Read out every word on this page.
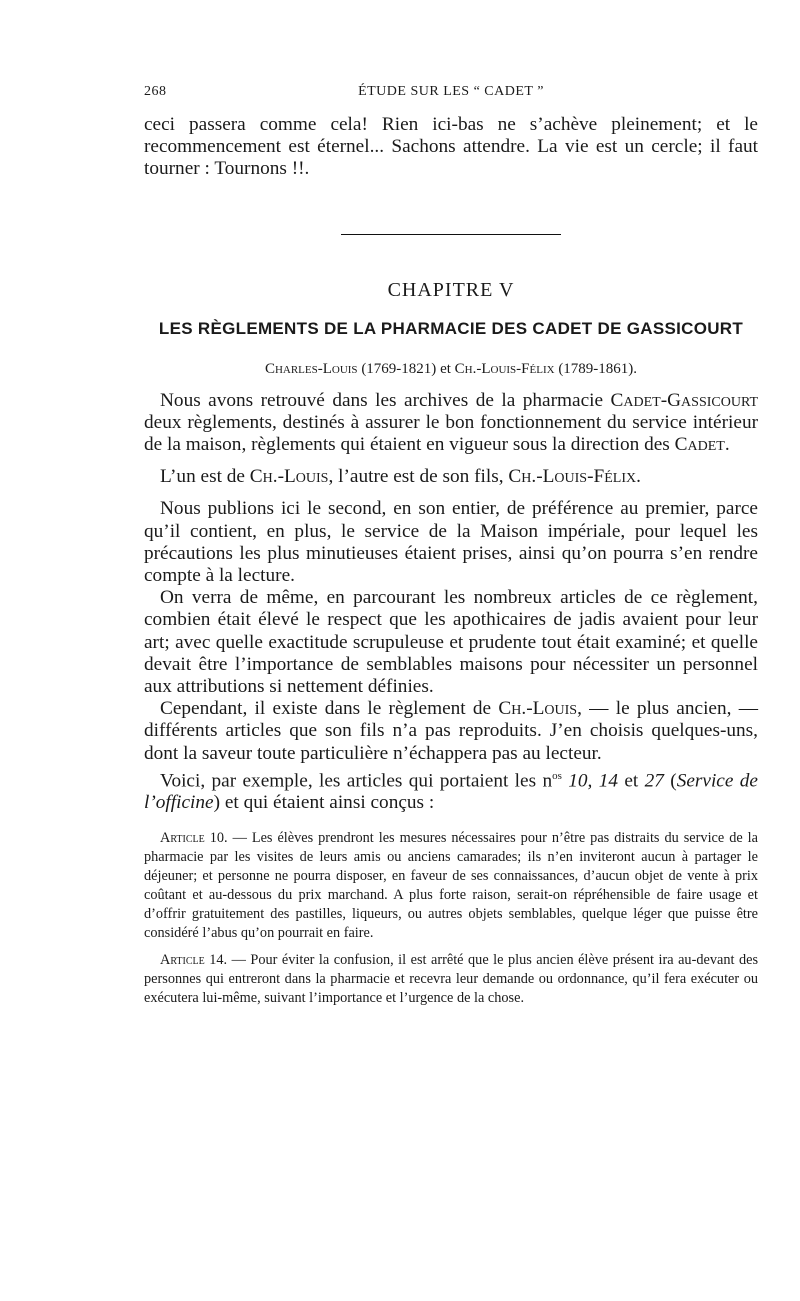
268	ÉTUDE SUR LES “ CADET ”

ceci passera comme cela! Rien ici-bas ne s’achève pleinement; et le recommencement est éternel... Sachons attendre. La vie est un cercle; il faut tourner : Tournons !!.

CHAPITRE V
LES RÈGLEMENTS DE LA PHARMACIE DES CADET DE GASSICOURT
Charles-Louis (1769-1821) et Ch.-Louis-Félix (1789-1861).

Nous avons retrouvé dans les archives de la pharmacie Cadet-Gassicourt deux règlements, destinés à assurer le bon fonctionnement du service intérieur de la maison, règlements qui étaient en vigueur sous la direction des Cadet.

L’un est de Ch.-Louis, l’autre est de son fils, Ch.-Louis-Félix.

Nous publions ici le second, en son entier, de préférence au premier, parce qu’il contient, en plus, le service de la Maison impériale, pour lequel les précautions les plus minutieuses étaient prises, ainsi qu’on pourra s’en rendre compte à la lecture.

On verra de même, en parcourant les nombreux articles de ce règlement, combien était élevé le respect que les apothicaires de jadis avaient pour leur art; avec quelle exactitude scrupuleuse et prudente tout était examiné; et quelle devait être l’importance de semblables maisons pour nécessiter un personnel aux attributions si nettement définies.

Cependant, il existe dans le règlement de Ch.-Louis, — le plus ancien, — différents articles que son fils n’a pas reproduits. J’en choisis quelques-uns, dont la saveur toute particulière n’échappera pas au lecteur.

Voici, par exemple, les articles qui portaient les $n^{os}$ 10, 14 et 27 (Service de l’officine) et qui étaient ainsi conçus :

Article 10. — Les élèves prendront les mesures nécessaires pour n’être pas distraits du service de la pharmacie par les visites de leurs amis ou anciens camarades; ils n’en inviteront aucun à partager le déjeuner; et personne ne pourra disposer, en faveur de ses connaissances, d’aucun objet de vente à prix coûtant et au-dessous du prix marchand. A plus forte raison, serait-on répréhensible de faire usage et d’offrir gratuitement des pastilles, liqueurs, ou autres objets semblables, quelque léger que puisse être considéré l’abus qu’on pourrait en faire.

Article 14. — Pour éviter la confusion, il est arrêté que le plus ancien élève présent ira au-devant des personnes qui entreront dans la pharmacie et recevra leur demande ou ordonnance, qu’il fera exécuter ou exécutera lui-même, suivant l’importance et l’urgence de la chose.
